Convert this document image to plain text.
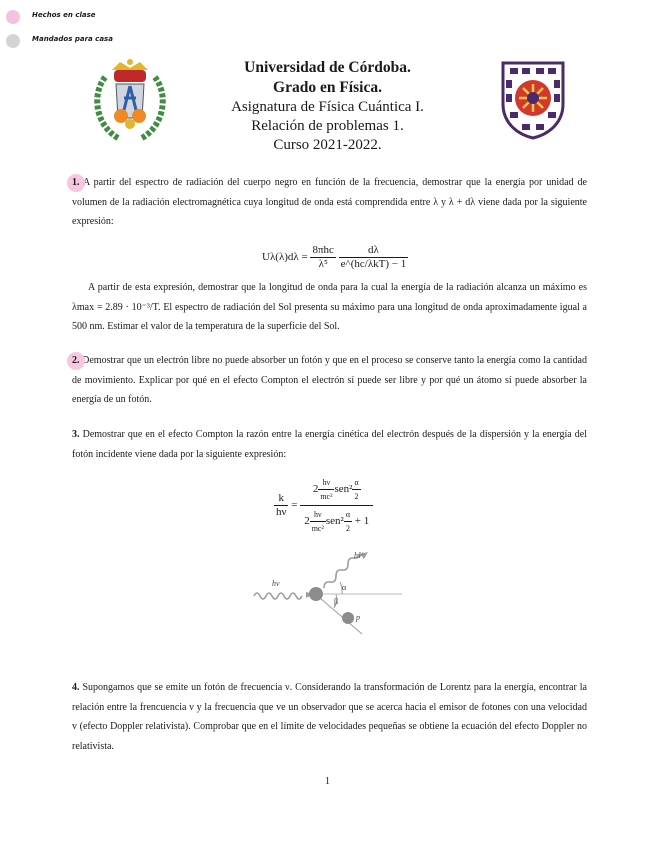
Hechos en clase
Mandados para casa
Universidad de Córdoba.
Grado en Física.
Asignatura de Física Cuántica I.
Relación de problemas 1.
Curso 2021-2022.
1. A partir del espectro de radiación del cuerpo negro en función de la frecuencia, demostrar que la energía por unidad de volumen de la radiación electromagnética cuya longitud de onda está comprendida entre λ y λ + dλ viene dada por la siguiente expresión:
$U\lambda(\lambda)d\lambda = \frac{\text{8πhc}}{\text{λ⁵}}$
$\frac{d\lambda}{\text{e\textasciicircum{}(hc/λkT) − 1}}$
A partir de esta expresión, demostrar que la longitud de onda para la cual la energía de la radiación alcanza un máximo es λmax = 2.89 · 10⁻³/T. El espectro de radiación del Sol presenta su máximo para una longitud de onda aproximadamente igual a 500 nm. Estimar el valor de la temperatura de la superficie del Sol.
2. Demostrar que un electrón libre no puede absorber un fotón y que en el proceso se conserve tanto la energía como la cantidad de movimiento. Explicar por qué en el efecto Compton el electrón sí puede ser libre y por qué un átomo sí puede absorber la energía de un fotón.
3. Demostrar que en el efecto Compton la razón entre la energía cinética del electrón después de la dispersión y la energía del fotón incidente viene dada por la siguiente expresión:
$\frac{k}{h\nu} = \frac{2 \frac{h\nu}{\text{mc²}} sen^2 \frac{\alpha}{2}}{2 \frac{h\nu}{\text{mc²}} sen^2 \frac{\alpha}{2} + 1}$
hν
hν′
α
β
p
4. Supongamos que se emite un fotón de frecuencia ν. Considerando la transformación de Lorentz para la energía, encontrar la relación entre la frencuencia ν y la frecuencia que ve un observador que se acerca hacia el emisor de fotones con una velocidad v (efecto Doppler relativista). Comprobar que en el límite de velocidades pequeñas se obtiene la ecuación del efecto Doppler no relativista.
1
